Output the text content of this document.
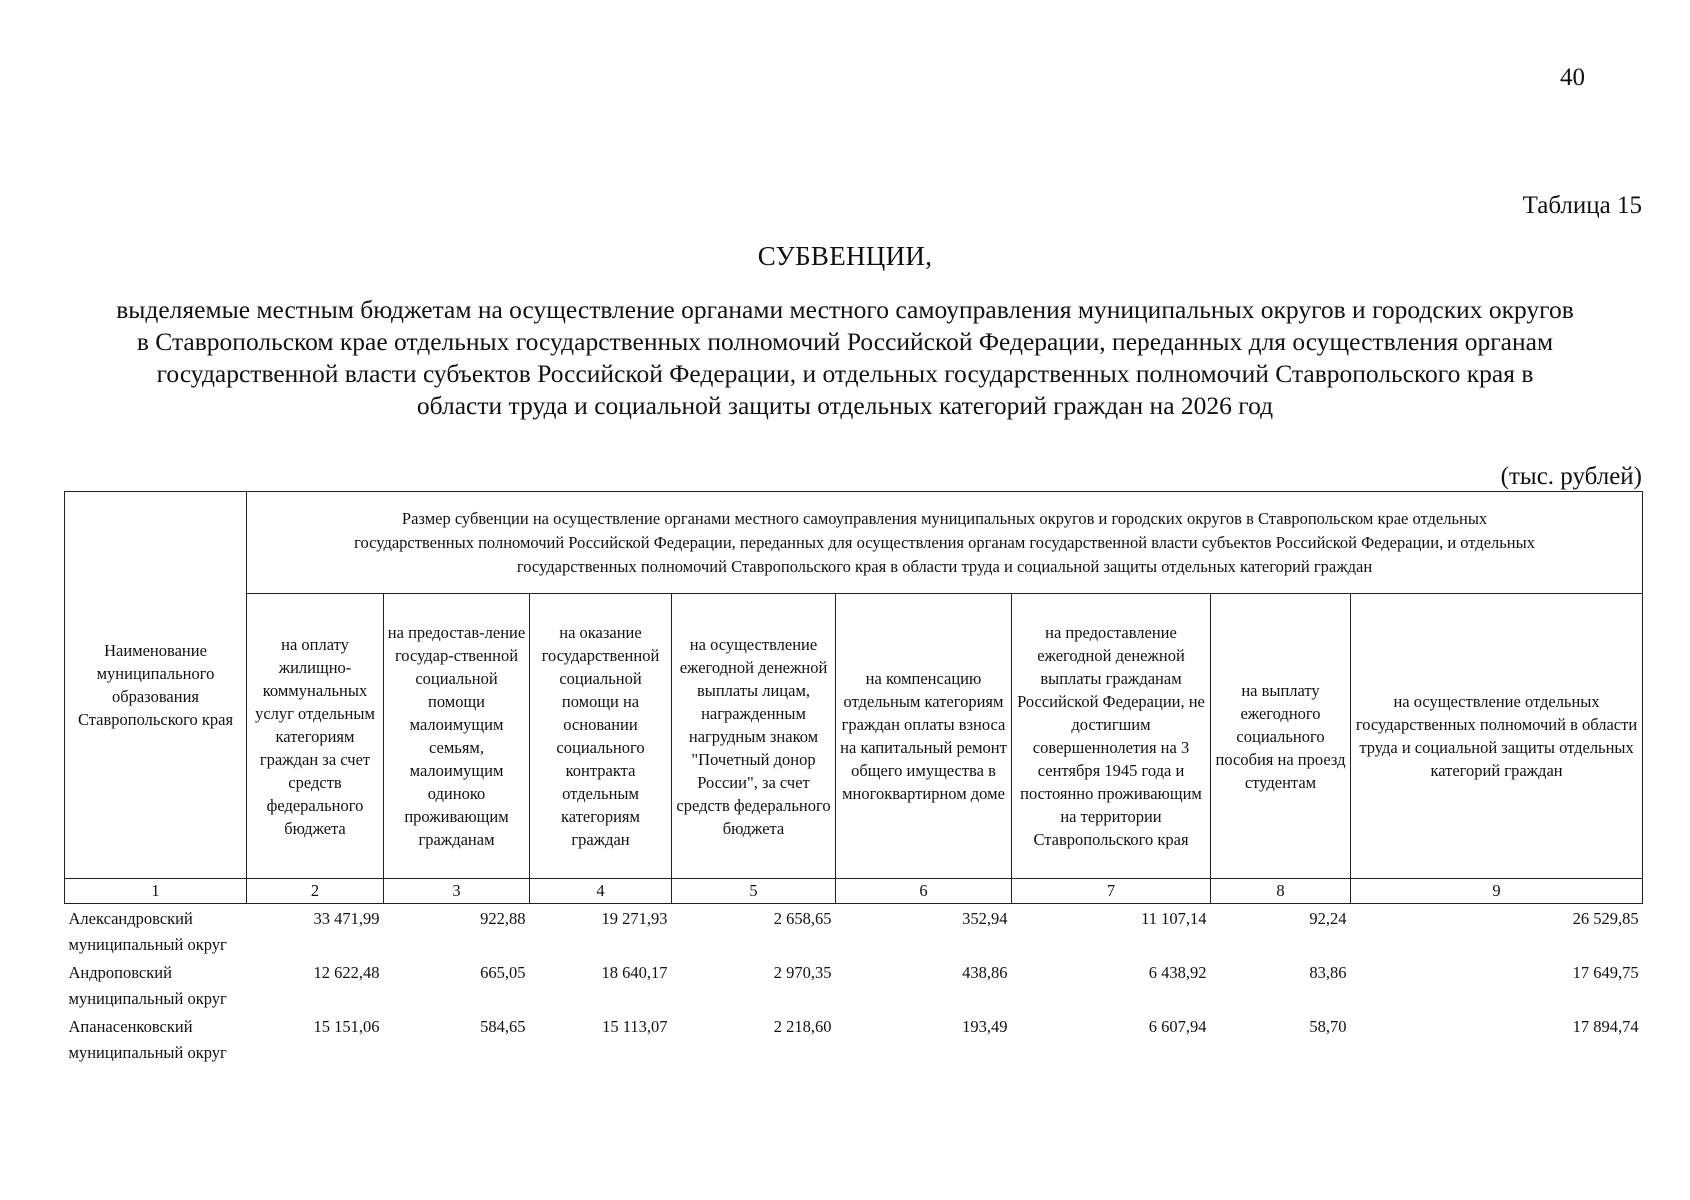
40
Таблица 15
СУБВЕНЦИИ,
выделяемые местным бюджетам на осуществление органами местного самоуправления муниципальных округов и городских округов
в Ставропольском крае отдельных государственных полномочий Российской Федерации, переданных для осуществления органам
государственной власти субъектов Российской Федерации, и отдельных государственных полномочий Ставропольского края в
области труда и социальной защиты отдельных категорий граждан на 2026 год
(тыс. рублей)
Наименование муниципального образования Ставропольского края	Размер субвенции на осуществление органами местного самоуправления муниципальных округов и городских округов в Ставропольском крае отдельных
государственных полномочий Российской Федерации, переданных для осуществления органам государственной власти субъектов Российской Федерации, и отдельных
государственных полномочий Ставропольского края в области труда и социальной защиты отдельных категорий граждан							

	на оплату жилищно-коммунальных услуг отдельным категориям граждан за счет средств федерального бюджета	на предостав-ление государ-ственной социальной помощи малоимущим семьям, малоимущим одиноко проживающим гражданам	на оказание государственной социальной помощи на основании социального контракта отдельным категориям граждан	на осуществление ежегодной денежной выплаты лицам, награжденным нагрудным знаком "Почетный донор России", за счет средств федерального бюджета	на компенсацию отдельным категориям граждан оплаты взноса на капитальный ремонт общего имущества в многоквартирном доме	на предоставление ежегодной денежной выплаты гражданам Российской Федерации, не достигшим совершеннолетия на 3 сентября 1945 года и постоянно проживающим на территории Ставропольского края	на выплату ежегодного социального пособия на проезд студентам	на осуществление отдельных государственных полномочий в области труда и социальной защиты отдельных категорий граждан
1	2	3	4	5	6	7	8	9
Александровский муниципальный округ	33 471,99	922,88	19 271,93	2 658,65	352,94	11 107,14	92,24	26 529,85
Андроповский муниципальный округ	12 622,48	665,05	18 640,17	2 970,35	438,86	6 438,92	83,86	17 649,75
Апанасенковский муниципальный округ	15 151,06	584,65	15 113,07	2 218,60	193,49	6 607,94	58,70	17 894,74
